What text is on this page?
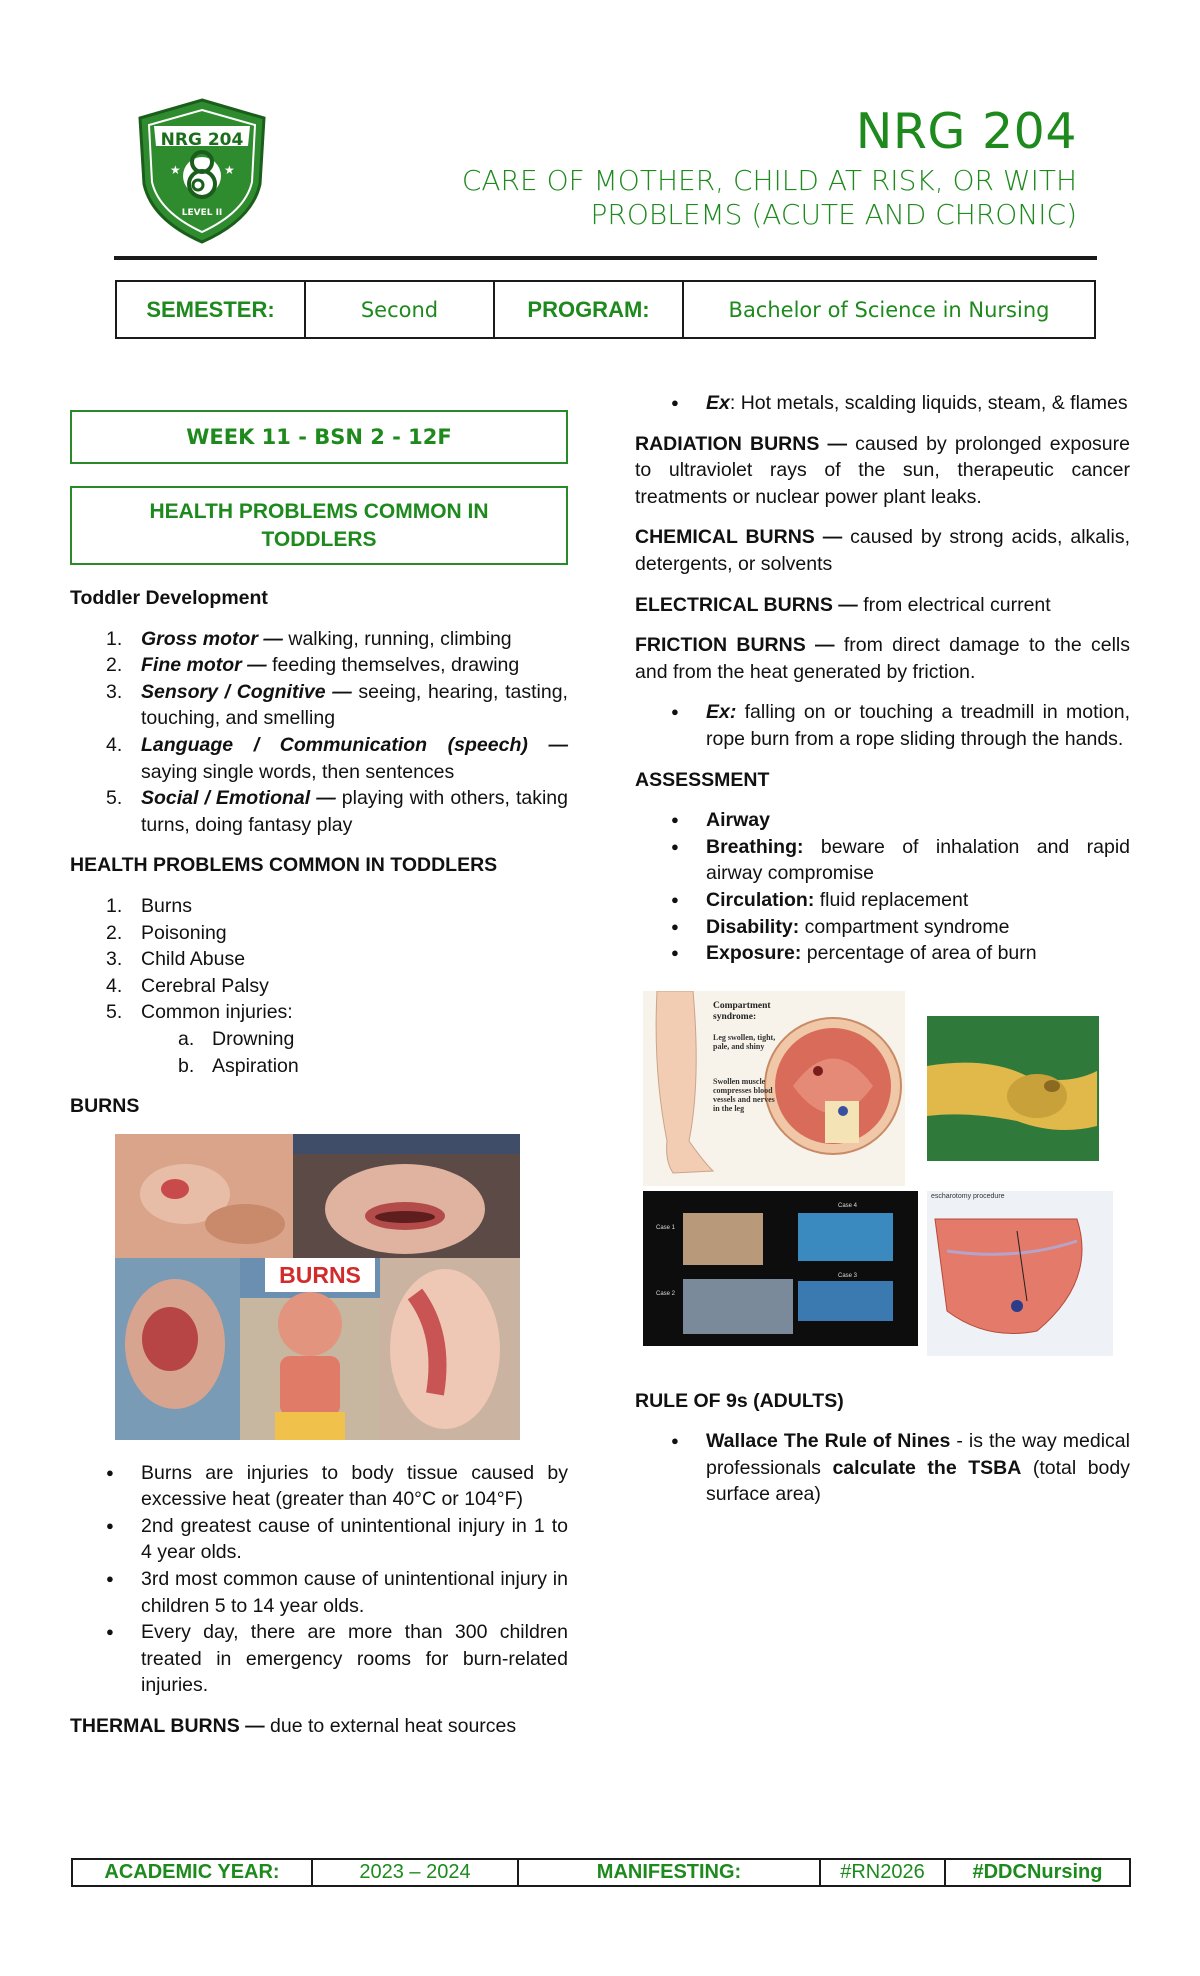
★	★
NRG 204
LEVEL II
NRG 204
CARE OF MOTHER, CHILD AT RISK, OR WITH
PROBLEMS (ACUTE AND CHRONIC)
SEMESTER:	Second	PROGRAM:	Bachelor of Science in Nursing
WEEK 11 - BSN 2 - 12F
HEALTH PROBLEMS COMMON IN TODDLERS
Toddler Development
1. Gross motor — walking, running, climbing
2. Fine motor — feeding themselves, drawing
3. Sensory / Cognitive — seeing, hearing, tasting, touching, and smelling
4. Language / Communication (speech) — saying single words, then sentences
5. Social / Emotional — playing with others, taking turns, doing fantasy play
HEALTH PROBLEMS COMMON IN TODDLERS
1. Burns
2. Poisoning
3. Child Abuse
4. Cerebral Palsy
5. Common injuries:
a. Drowning
b. Aspiration
BURNS
BURNS
● Burns are injuries to body tissue caused by excessive heat (greater than 40°C or 104°F)
● 2nd greatest cause of unintentional injury in 1 to 4 year olds.
● 3rd most common cause of unintentional injury in children 5 to 14 year olds.
● Every day, there are more than 300 children treated in emergency rooms for burn-related injuries.
THERMAL BURNS — due to external heat sources
● Ex: Hot metals, scalding liquids, steam, & flames
RADIATION BURNS — caused by prolonged exposure to ultraviolet rays of the sun, therapeutic cancer treatments or nuclear power plant leaks.
CHEMICAL BURNS — caused by strong acids, alkalis, detergents, or solvents
ELECTRICAL BURNS — from electrical current
FRICTION BURNS — from direct damage to the cells and from the heat generated by friction.
● Ex: falling on or touching a treadmill in motion, rope burn from a rope sliding through the hands.
ASSESSMENT
● Airway
● Breathing: beware of inhalation and rapid airway compromise
● Circulation: fluid replacement
● Disability: compartment syndrome
● Exposure: percentage of area of burn
Compartment syndrome:
Leg swollen, tight, pale, and shiny
Swollen muscle compresses blood vessels and nerves in the leg
Case 1
Case 2
Case 3
Case 4
escharotomy procedure
RULE OF 9s (ADULTS)
● Wallace The Rule of Nines - is the way medical professionals calculate the TSBA (total body surface area)
ACADEMIC YEAR:	2023 – 2024	MANIFESTING:	#RN2026	#DDCNursing
